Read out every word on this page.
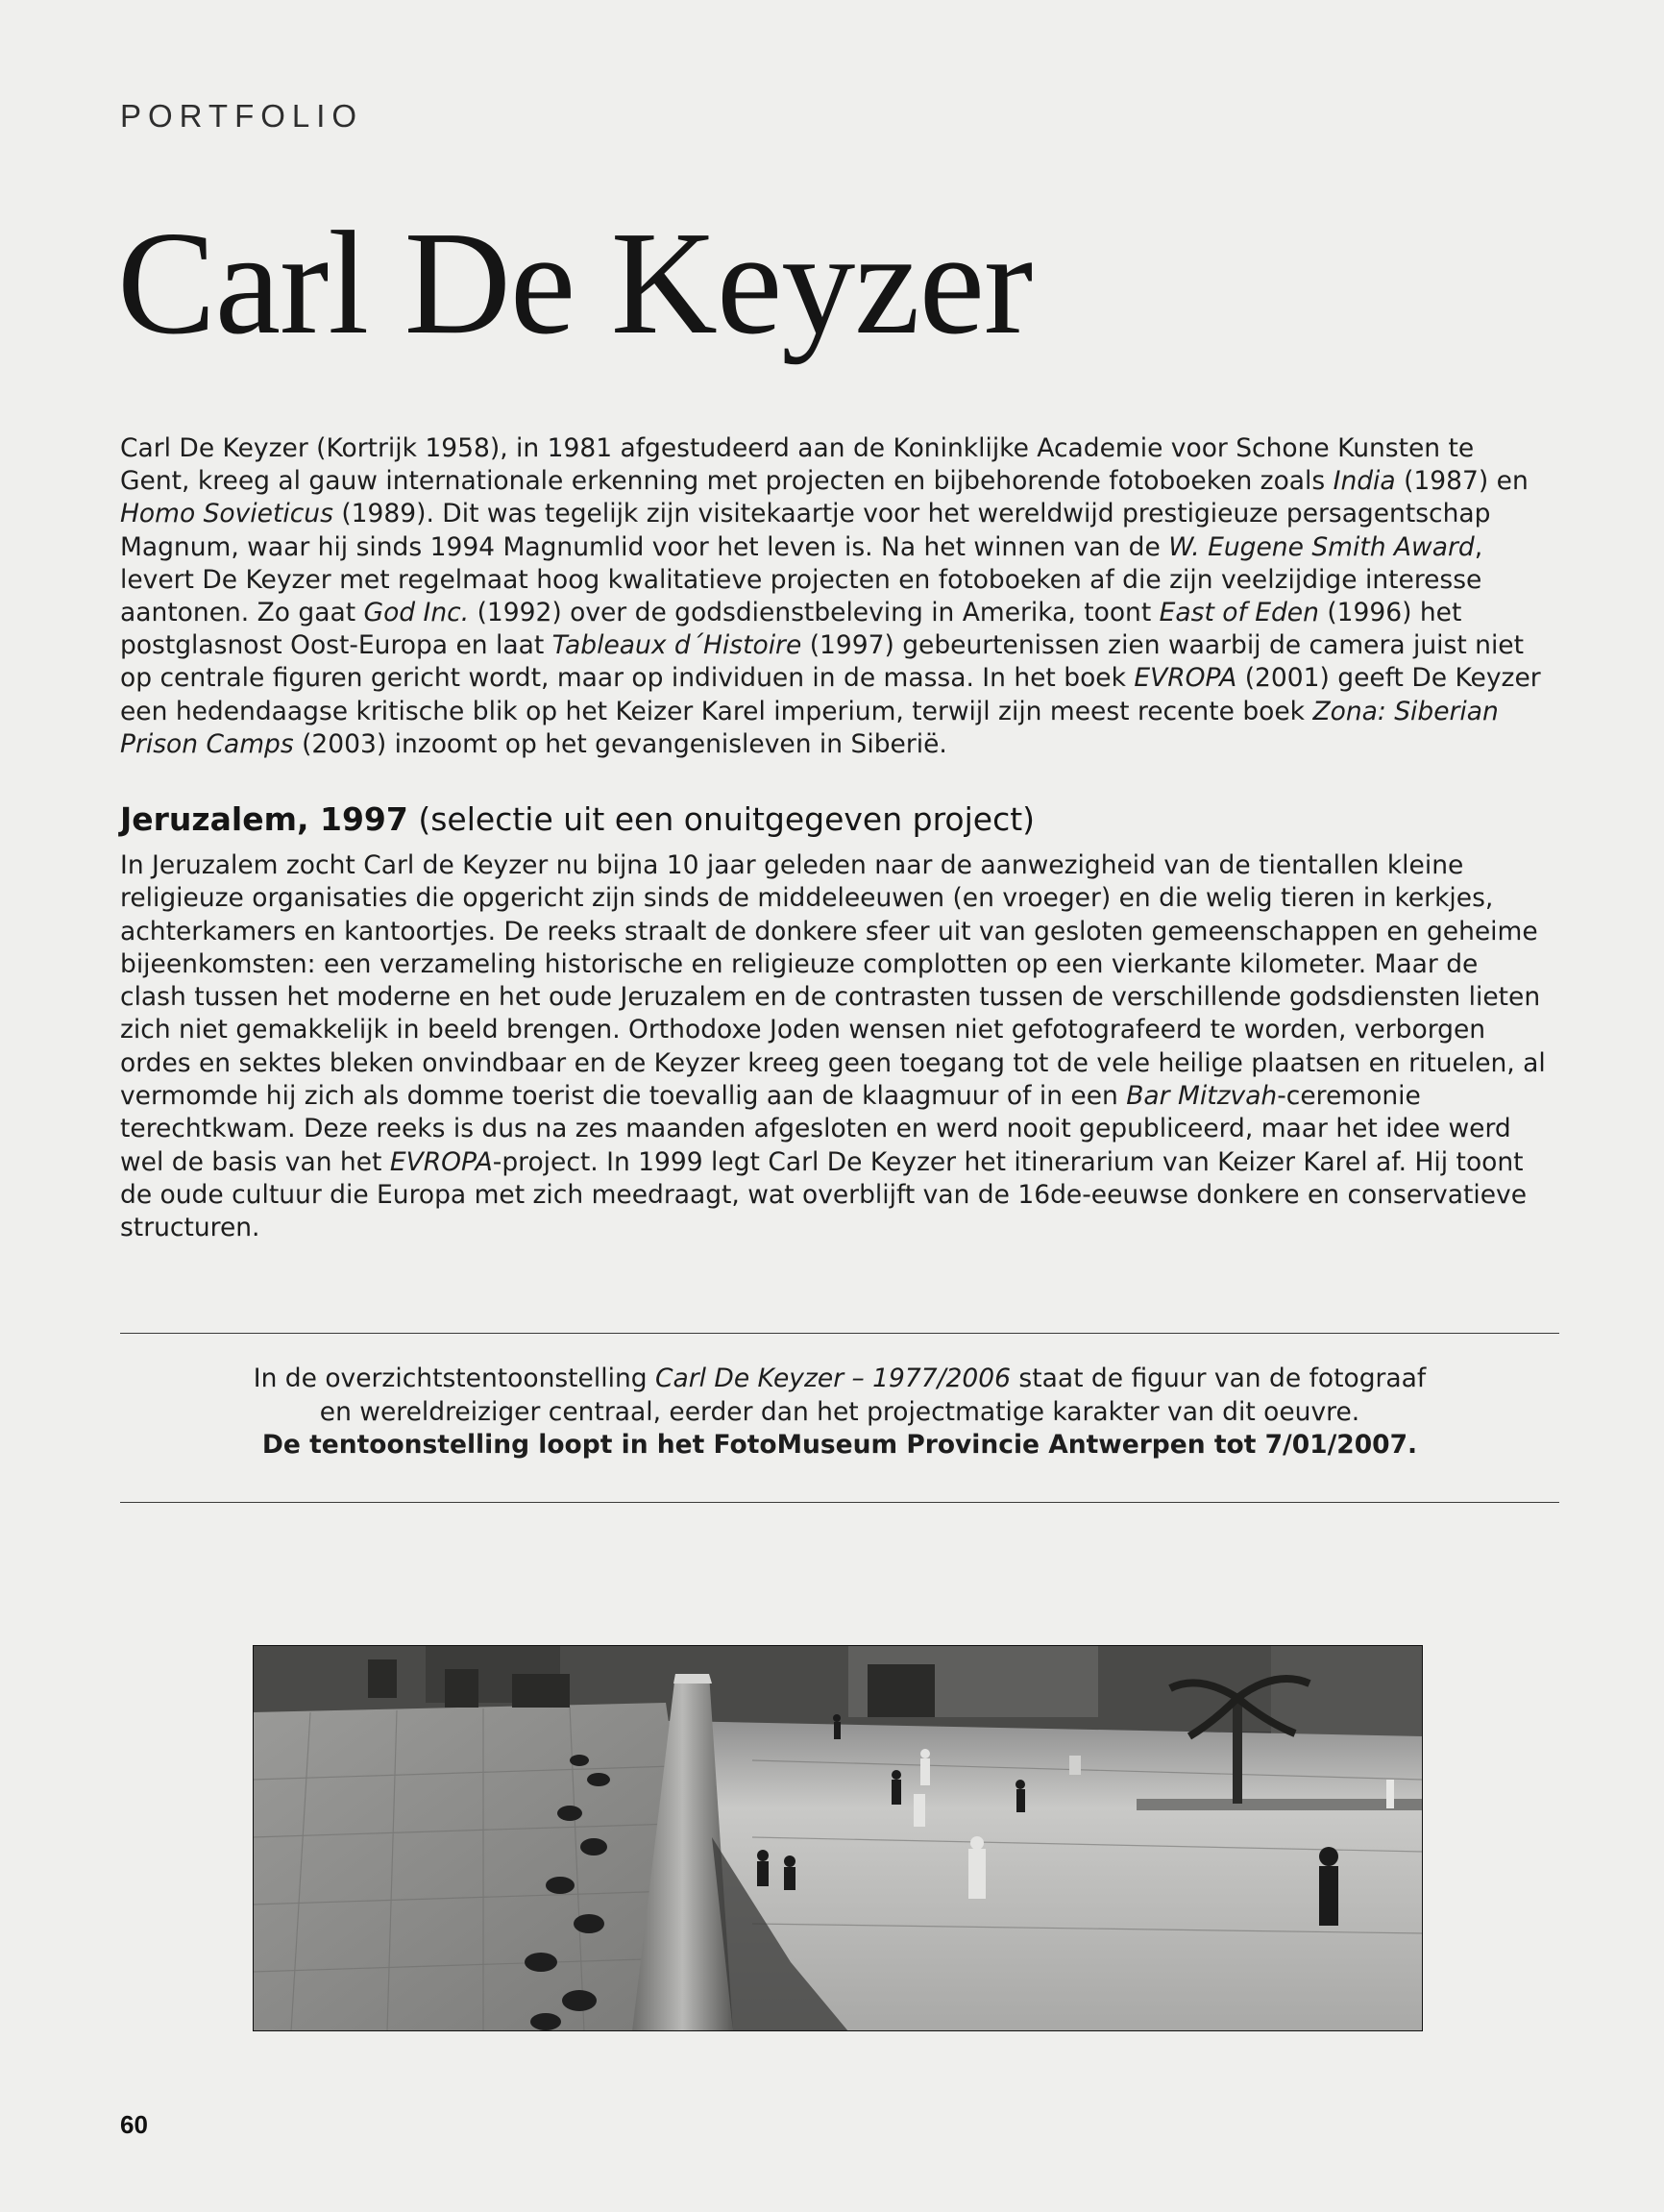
PORTFOLIO
Carl De Keyzer

Carl De Keyzer (Kortrijk 1958), in 1981 afgestudeerd aan de Koninklijke Academie voor Schone Kunsten te Gent, kreeg al gauw internationale erkenning met projecten en bijbehorende fotoboeken zoals India (1987) en Homo Sovieticus (1989). Dit was tegelijk zijn visitekaartje voor het wereldwijd prestigieuze persagentschap Magnum, waar hij sinds 1994 Magnumlid voor het leven is. Na het winnen van de W. Eugene Smith Award, levert De Keyzer met regelmaat hoog kwalitatieve projecten en fotoboeken af die zijn veelzijdige interesse aantonen. Zo gaat God Inc. (1992) over de godsdienstbeleving in Amerika, toont East of Eden (1996) het postglasnost Oost-Europa en laat Tableaux d´Histoire (1997) gebeurtenissen zien waarbij de camera juist niet op centrale figuren gericht wordt, maar op individuen in de massa. In het boek EVROPA (2001) geeft De Keyzer een hedendaagse kritische blik op het Keizer Karel imperium, terwijl zijn meest recente boek Zona: Siberian Prison Camps (2003) inzoomt op het gevangenisleven in Siberië.

Jeruzalem, 1997 (selectie uit een onuitgegeven project)

In Jeruzalem zocht Carl de Keyzer nu bijna 10 jaar geleden naar de aanwezigheid van de tientallen kleine religieuze organisaties die opgericht zijn sinds de middeleeuwen (en vroeger) en die welig tieren in kerkjes, achterkamers en kantoortjes. De reeks straalt de donkere sfeer uit van gesloten gemeenschappen en geheime bijeenkomsten: een verzameling historische en religieuze complotten op een vierkante kilometer. Maar de clash tussen het moderne en het oude Jeruzalem en de contrasten tussen de verschillende godsdiensten lieten zich niet gemakkelijk in beeld brengen. Orthodoxe Joden wensen niet gefotografeerd te worden, verborgen ordes en sektes bleken onvindbaar en de Keyzer kreeg geen toegang tot de vele heilige plaatsen en rituelen, al vermomde hij zich als domme toerist die toevallig aan de klaagmuur of in een Bar Mitzvah-ceremonie terechtkwam. Deze reeks is dus na zes maanden afgesloten en werd nooit gepubliceerd, maar het idee werd wel de basis van het EVROPA-project. In 1999 legt Carl De Keyzer het itinerarium van Keizer Karel af. Hij toont de oude cultuur die Europa met zich meedraagt, wat overblijft van de 16de-eeuwse donkere en conservatieve structuren.

In de overzichtstentoonstelling Carl De Keyzer – 1977/2006 staat de figuur van de fotograaf
en wereldreiziger centraal, eerder dan het projectmatige karakter van dit oeuvre.
De tentoonstelling loopt in het FotoMuseum Provincie Antwerpen tot 7/01/2007.

60
